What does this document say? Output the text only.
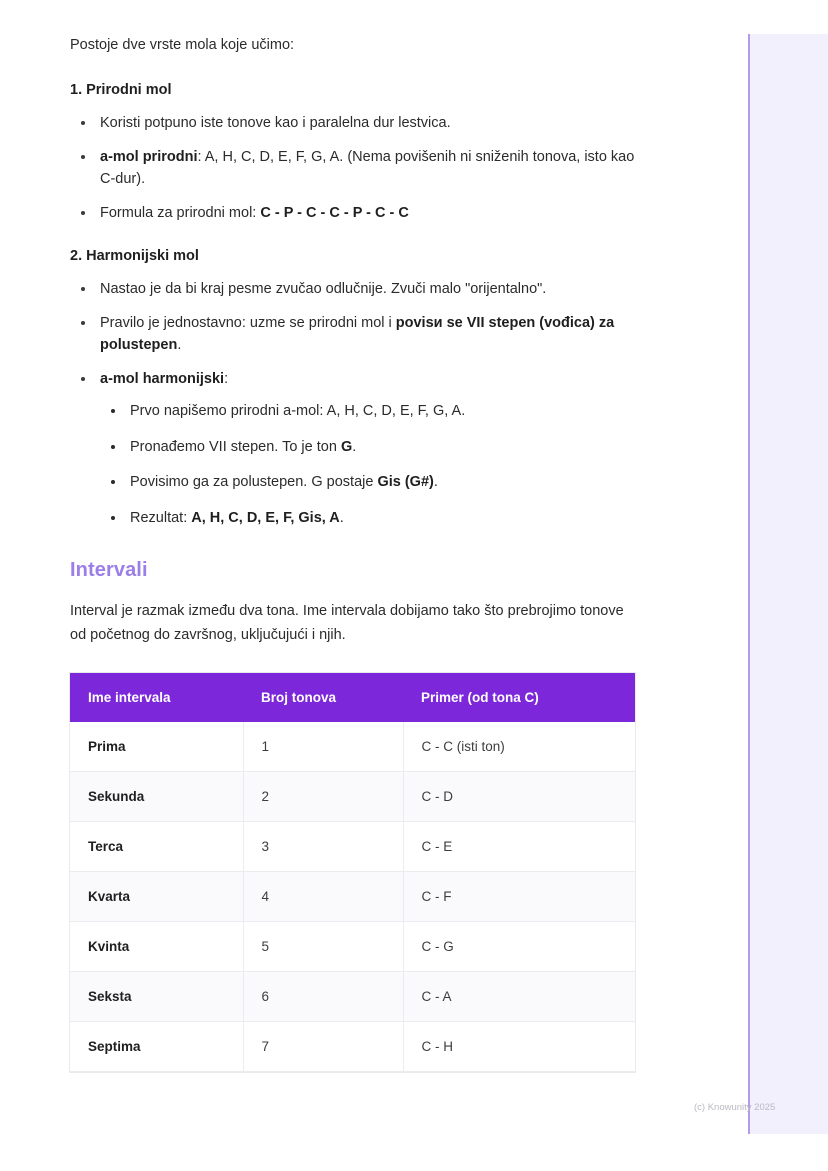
Postoje dve vrste mola koje učimo:

1. Prirodni mol
• Koristi potpuno iste tonove kao i paralelna dur lestvica.
• a-mol prirodni: A, H, C, D, E, F, G, A. (Nema povišenih ni sniženih tonova, isto kao C-dur).
• Formula za prirodni mol: C - P - C - C - P - C - C
2. Harmonijski mol
• Nastao je da bi kraj pesme zvučao odlučnije. Zvuči malo "orijentalno".
• Pravilo je jednostavno: uzme se prirodni mol i povisи se VII stepen (vođica) za polustepen.
• a-mol harmonijski:
• Prvo napišemo prirodni a-mol: A, H, C, D, E, F, G, A.
• Pronađemo VII stepen. To je ton G.
• Povisimo ga za polustepen. G postaje Gis (G#).
• Rezultat: A, H, C, D, E, F, Gis, A.
Intervali

Interval je razmak između dva tona. Ime intervala dobijamo tako što prebrojimo tonove od početnog do završnog, uključujući i njih.

Ime intervala	Broj tonova	Primer (od tona C)
Prima	1	C - C (isti ton)
Sekunda	2	C - D
Terca	3	C - E
Kvarta	4	C - F
Kvinta	5	C - G
Seksta	6	C - A
Septima	7	C - H
(c) Knowunity 2025
